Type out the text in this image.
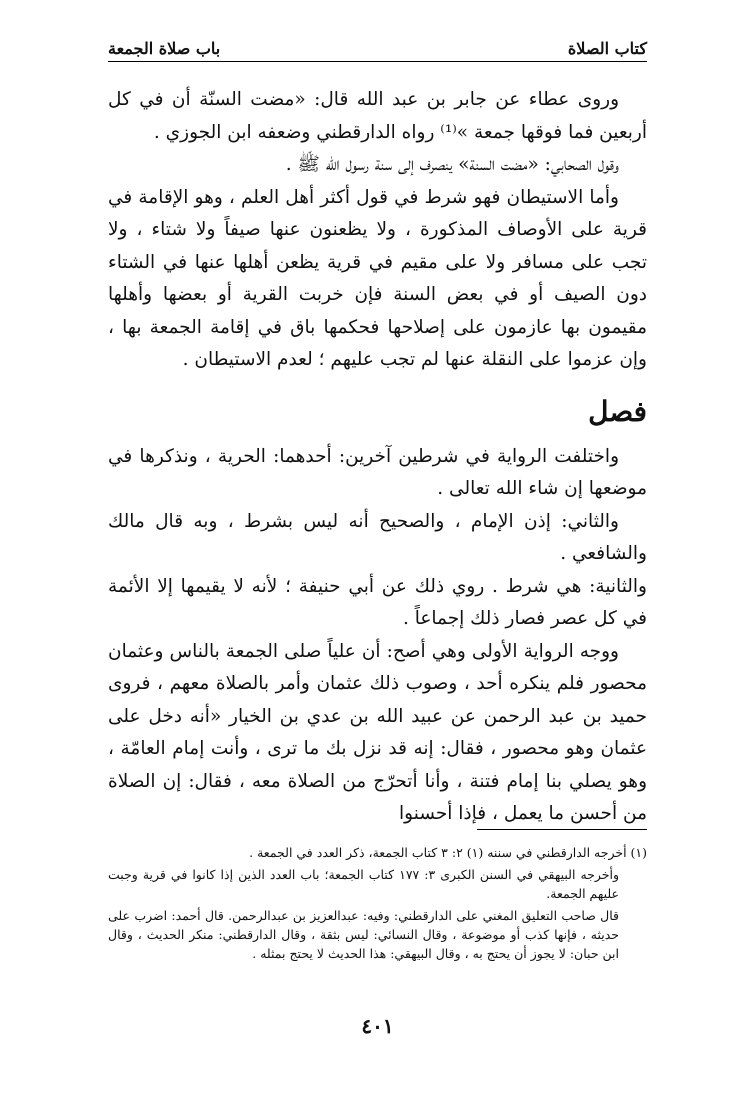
كتاب الصلاة
باب صلاة الجمعة

وروى عطاء عن جابر بن عبد الله قال: «مضت السنّة أن في كل أربعين فما فوقها جمعة »⁽¹⁾ رواه الدارقطني وضعفه ابن الجوزي .

وقول الصحابي: «مضت السنة» ينصرف إلى سنة رسول الله ﷺ .

وأما الاستيطان فهو شرط في قول أكثر أهل العلم ، وهو الإقامة في قرية على الأوصاف المذكورة ، ولا يظعنون عنها صيفاً ولا شتاء ، ولا تجب على مسافر ولا على مقيم في قرية يظعن أهلها عنها في الشتاء دون الصيف أو في بعض السنة فإن خربت القرية أو بعضها وأهلها مقيمون بها عازمون على إصلاحها فحكمها باق في إقامة الجمعة بها ، وإن عزموا على النقلة عنها لم تجب عليهم ؛ لعدم الاستيطان .

فصل

واختلفت الرواية في شرطين آخرين: أحدهما: الحرية ، ونذكرها في موضعها إن شاء الله تعالى .

والثاني: إذن الإمام ، والصحيح أنه ليس بشرط ، وبه قال مالك والشافعي .

والثانية: هي شرط . روي ذلك عن أبي حنيفة ؛ لأنه لا يقيمها إلا الأئمة في كل عصر فصار ذلك إجماعاً .

ووجه الرواية الأولى وهي أصح: أن علياً صلى الجمعة بالناس وعثمان محصور فلم ينكره أحد ، وصوب ذلك عثمان وأمر بالصلاة معهم ، فروى حميد بن عبد الرحمن عن عبيد الله بن عدي بن الخيار «أنه دخل على عثمان وهو محصور ، فقال: إنه قد نزل بك ما ترى ، وأنت إمام العامّة ، وهو يصلي بنا إمام فتنة ، وأنا أتحرّج من الصلاة معه ، فقال: إن الصلاة من أحسن ما يعمل ، فإذا أحسنوا

(١) أخرجه الدارقطني في سننه (١) ٢: ٣ كتاب الجمعة، ذكر العدد في الجمعة .

وأخرجه البيهقي في السنن الكبرى ٣: ١٧٧ كتاب الجمعة؛ باب العدد الذين إذا كانوا في قرية وجبت عليهم الجمعة.

قال صاحب التعليق المغني على الدارقطني: وفيه: عبدالعزيز بن عبدالرحمن. قال أحمد: اضرب على حديثه ، فإنها كذب أو موضوعة ، وقال النسائي: ليس بثقة ، وقال الدارقطني: منكر الحديث ، وقال ابن حبان: لا يجوز أن يحتج به ، وقال البيهقي: هذا الحديث لا يحتج بمثله .

٤٠١
